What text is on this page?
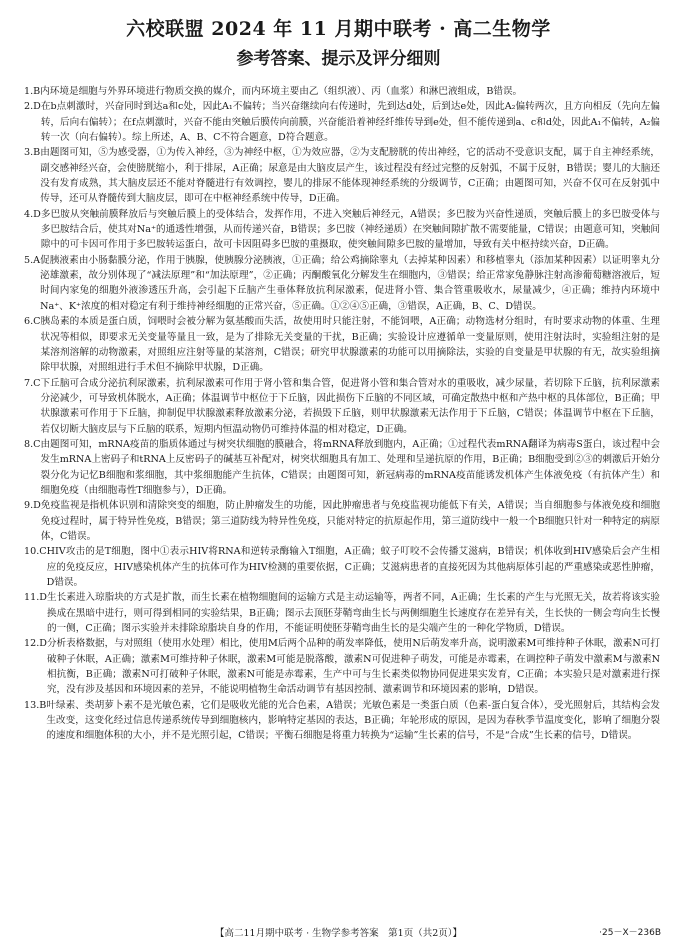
六校联盟 2024 年 11 月期中联考 · 高二生物学
参考答案、提示及评分细则
1.B 内环境是细胞与外界环境进行物质交换的媒介，而内环境主要由乙（组织液）、丙（血浆）和淋巴液组成，B错误。
2.D 在b点刺激时，兴奋同时到达a和c处，因此A₁不偏转；当兴奋继续向右传递时，先到达d处，后到达e处，因此A₂偏转两次，且方向相反（先向左偏转，后向右偏转）；在f点刺激时，兴奋不能由突触后膜传向前膜，兴奋能沿着神经纤维传导到e处，但不能传递到a、c和d处，因此A₁不偏转，A₂偏转一次（向右偏转）。综上所述，A、B、C不符合题意，D符合题意。
3.B 由题图可知，⑤为感受器，①为传入神经，③为神经中枢，①为效应器，②为支配膀胱的传出神经，它的活动不受意识支配，属于自主神经系统，副交感神经兴奋，会使膀胱缩小，利于排尿，A正确；尿意是由大脑皮层产生，该过程没有经过完整的反射弧，不属于反射，B错误；婴儿的大脑还没有发育成熟，其大脑皮层还不能对脊髓进行有效调控，婴儿的排尿不能体现神经系统的分级调节，C正确；由题图可知，兴奋不仅可在反射弧中传导，还可从脊髓传到大脑皮层，即可在中枢神经系统中传导，D正确。
4.D 多巴胺从突触前膜释放后与突触后膜上的受体结合，发挥作用，不进入突触后神经元，A错误；多巴胺为兴奋性递质，突触后膜上的多巴胺受体与多巴胺结合后，使其对Na⁺的通透性增强，从而传递兴奋，B错误；多巴胺（神经递质）在突触间隙扩散不需要能量，C错误；由题意可知，突触间隙中的可卡因可作用于多巴胺转运蛋白，故可卡因阻碍多巴胺的重摄取，使突触间隙多巴胺的量增加，导致有关中枢持续兴奋，D正确。
5.A 促胰液素由小肠黏膜分泌，作用于胰腺，使胰腺分泌胰液，①正确；给公鸡摘除睾丸（去掉某种因素）和移植睾丸（添加某种因素）以证明睾丸分泌雄激素，故分别体现了“减法原理”和“加法原理”，②正确；丙酮酸氧化分解发生在细胞内，③错误；给正常家兔静脉注射高渗葡萄糖溶液后，短时间内家兔的细胞外液渗透压升高，会引起下丘脑产生垂体释放抗利尿激素，促进肾小管、集合管重吸收水，尿量减少，④正确；维持内环境中Na⁺、K⁺浓度的相对稳定有利于维持神经细胞的正常兴奋，⑤正确。①②④⑤正确，③错误，A正确，B、C、D错误。
6.C 胰岛素的本质是蛋白质，饲喂时会被分解为氨基酸而失活，故使用时只能注射，不能饲喂，A正确；动物选材分组时，有时要求动物的体重、生理状况等相似，即要求无关变量等量且一致，是为了排除无关变量的干扰，B正确；实验设计应遵循单一变量原则，使用注射法时，实验组注射的是某溶剂溶解的动物激素，对照组应注射等量的某溶剂，C错误；研究甲状腺激素的功能可以用摘除法，实验的自变量是甲状腺的有无，故实验组摘除甲状腺，对照组进行手术但不摘除甲状腺，D正确。
7.C 下丘脑可合成分泌抗利尿激素，抗利尿激素可作用于肾小管和集合管，促进肾小管和集合管对水的重吸收，减少尿量，若切除下丘脑，抗利尿激素分泌减少，可导致机体脱水，A正确；体温调节中枢位于下丘脑，因此损伤下丘脑的不同区域，可确定散热中枢和产热中枢的具体部位，B正确；甲状腺激素可作用于下丘脑，抑制促甲状腺激素释放激素分泌，若损毁下丘脑，则甲状腺激素无法作用于下丘脑，C错误；体温调节中枢在下丘脑，若仅切断大脑皮层与下丘脑的联系，短期内恒温动物仍可维持体温的相对稳定，D正确。
8.C 由题图可知，mRNA疫苗的脂质体通过与树突状细胞的膜融合，将mRNA释放到胞内，A正确；①过程代表mRNA翻译为病毒S蛋白，该过程中会发生mRNA上密码子和tRNA上反密码子的碱基互补配对，树突状细胞具有加工、处理和呈递抗原的作用，B正确；B细胞受到②③的刺激后开始分裂分化为记忆B细胞和浆细胞，其中浆细胞能产生抗体，C错误；由题图可知，新冠病毒的mRNA疫苗能诱发机体产生体液免疫（有抗体产生）和细胞免疫（由细胞毒性T细胞参与），D正确。
9.D 免疫监视是指机体识别和清除突变的细胞，防止肿瘤发生的功能，因此肿瘤患者与免疫监视功能低下有关，A错误；当自细胞参与体液免疫和细胞免疫过程时，属于特异性免疫，B错误；第三道防线为特异性免疫，只能对特定的抗原起作用，第三道防线中一般一个B细胞只针对一种特定的病原体，C错误。
10.C HIV攻击的是T细胞，图中①表示HIV将RNA和逆转录酶输入T细胞，A正确；蚊子叮咬不会传播艾滋病，B错误；机体收到HIV感染后会产生相应的免疫反应，HIV感染机体产生的抗体可作为HIV检测的重要依据，C正确；艾滋病患者的直接死因为其他病原体引起的严重感染或恶性肿瘤，D错误。
11.D 生长素进入琼脂块的方式是扩散，而生长素在植物细胞间的运输方式是主动运输等，两者不同，A正确；生长素的产生与光照无关，故若将该实验换成在黑暗中进行，则可得到相同的实验结果，B正确；图示去顶胚芽鞘弯曲生长与两侧细胞生长速度存在差异有关，生长快的一侧会弯向生长慢的一侧，C正确；图示实验并未排除琼脂块自身的作用，不能证明使胚芽鞘弯曲生长的是尖端产生的一种化学物质，D错误。
12.D 分析表格数据，与对照组（使用水处理）相比，使用M后两个品种的萌发率降低，使用N后萌发率升高，说明激素M可维持种子休眠，激素N可打破种子休眠，A正确；激素M可维持种子休眠，激素M可能是脱落酸，激素N可促进种子萌发，可能是赤霉素，在调控种子萌发中激素M与激素N相抗衡，B正确；激素N可打破种子休眠，激素N可能是赤霉素，生产中可与生长素类似物协同促进果实发育，C正确；本实验只是对激素进行探究，没有涉及基因和环境因素的差异，不能说明植物生命活动调节有基因控制、激素调节和环境因素的影响，D错误。
13.B 叶绿素、类胡萝卜素不是光敏色素，它们是吸收光能的光合色素，A错误；光敏色素是一类蛋白质（色素-蛋白复合体），受光照射后，其结构会发生改变，这变化经过信息传递系统传导到细胞核内，影响特定基因的表达，B正确；年轮形成的原因，是因为春秋季节温度变化，影响了细胞分裂的速度和细胞体积的大小，并不是光照引起，C错误；平衡石细胞是将重力转换为“运输”生长素的信号，不是“合成”生长素的信号，D错误。
【高二11月期中联考 · 生物学参考答案　第1页（共2页）】	·25－X－236B
